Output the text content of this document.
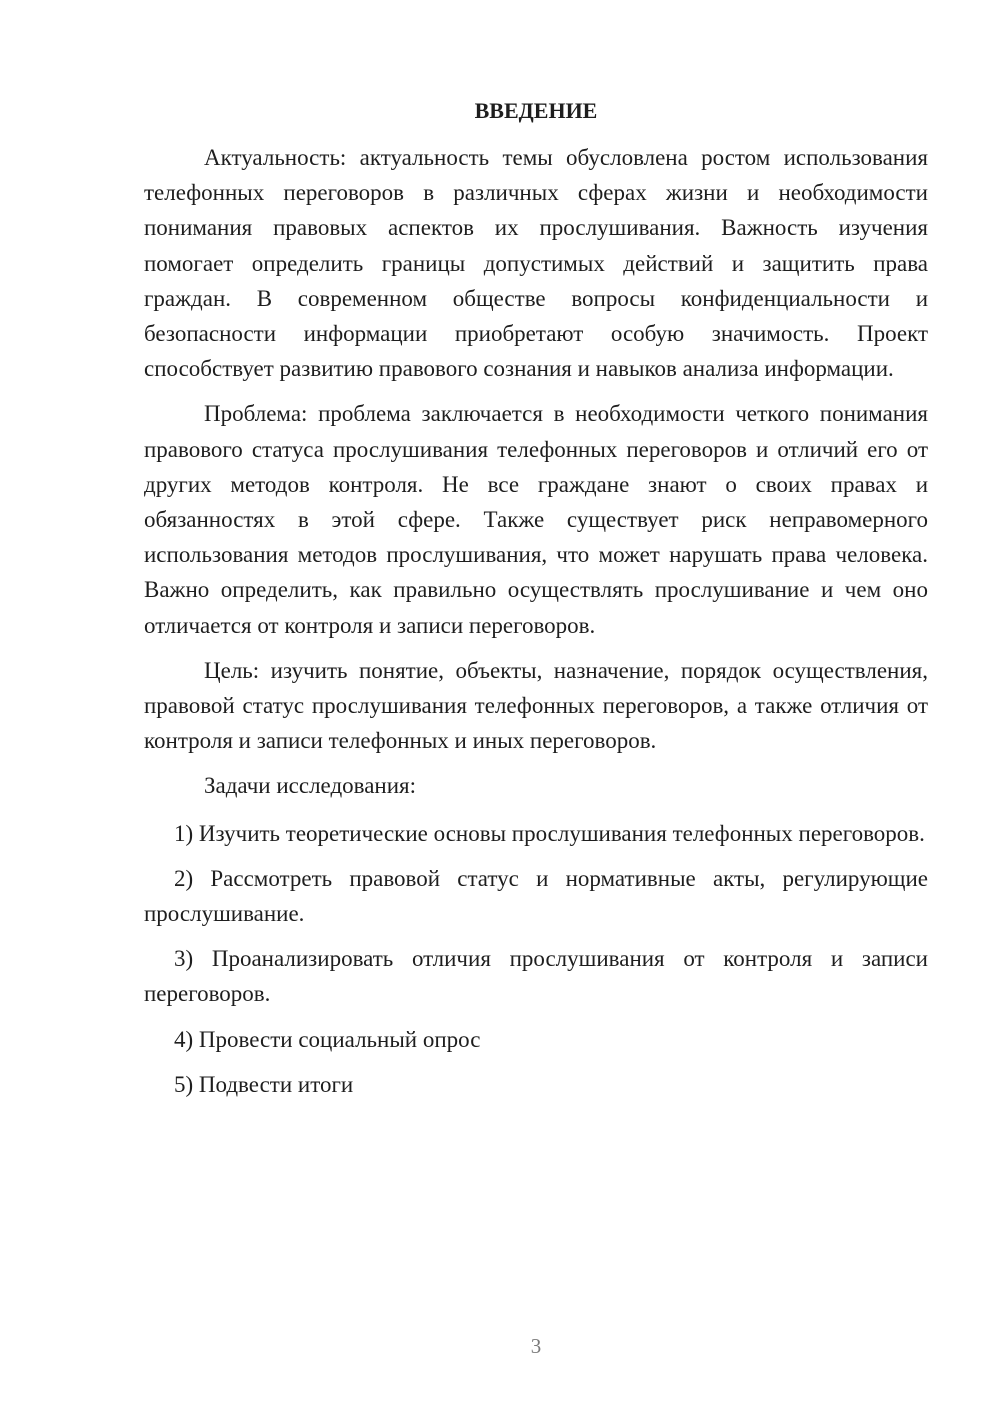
ВВЕДЕНИЕ

Актуальность: актуальность темы обусловлена ростом использования телефонных переговоров в различных сферах жизни и необходимости понимания правовых аспектов их прослушивания. Важность изучения помогает определить границы допустимых действий и защитить права граждан. В современном обществе вопросы конфиденциальности и безопасности информации приобретают особую значимость. Проект способствует развитию правового сознания и навыков анализа информации.

Проблема: проблема заключается в необходимости четкого понимания правового статуса прослушивания телефонных переговоров и отличий его от других методов контроля. Не все граждане знают о своих правах и обязанностях в этой сфере. Также существует риск неправомерного использования методов прослушивания, что может нарушать права человека. Важно определить, как правильно осуществлять прослушивание и чем оно отличается от контроля и записи переговоров.

Цель: изучить понятие, объекты, назначение, порядок осуществления, правовой статус прослушивания телефонных переговоров, а также отличия от контроля и записи телефонных и иных переговоров.

Задачи исследования:

1) Изучить теоретические основы прослушивания телефонных переговоров.

2) Рассмотреть правовой статус и нормативные акты, регулирующие прослушивание.

3) Проанализировать отличия прослушивания от контроля и записи переговоров.

4) Провести социальный опрос

5) Подвести итоги

3
